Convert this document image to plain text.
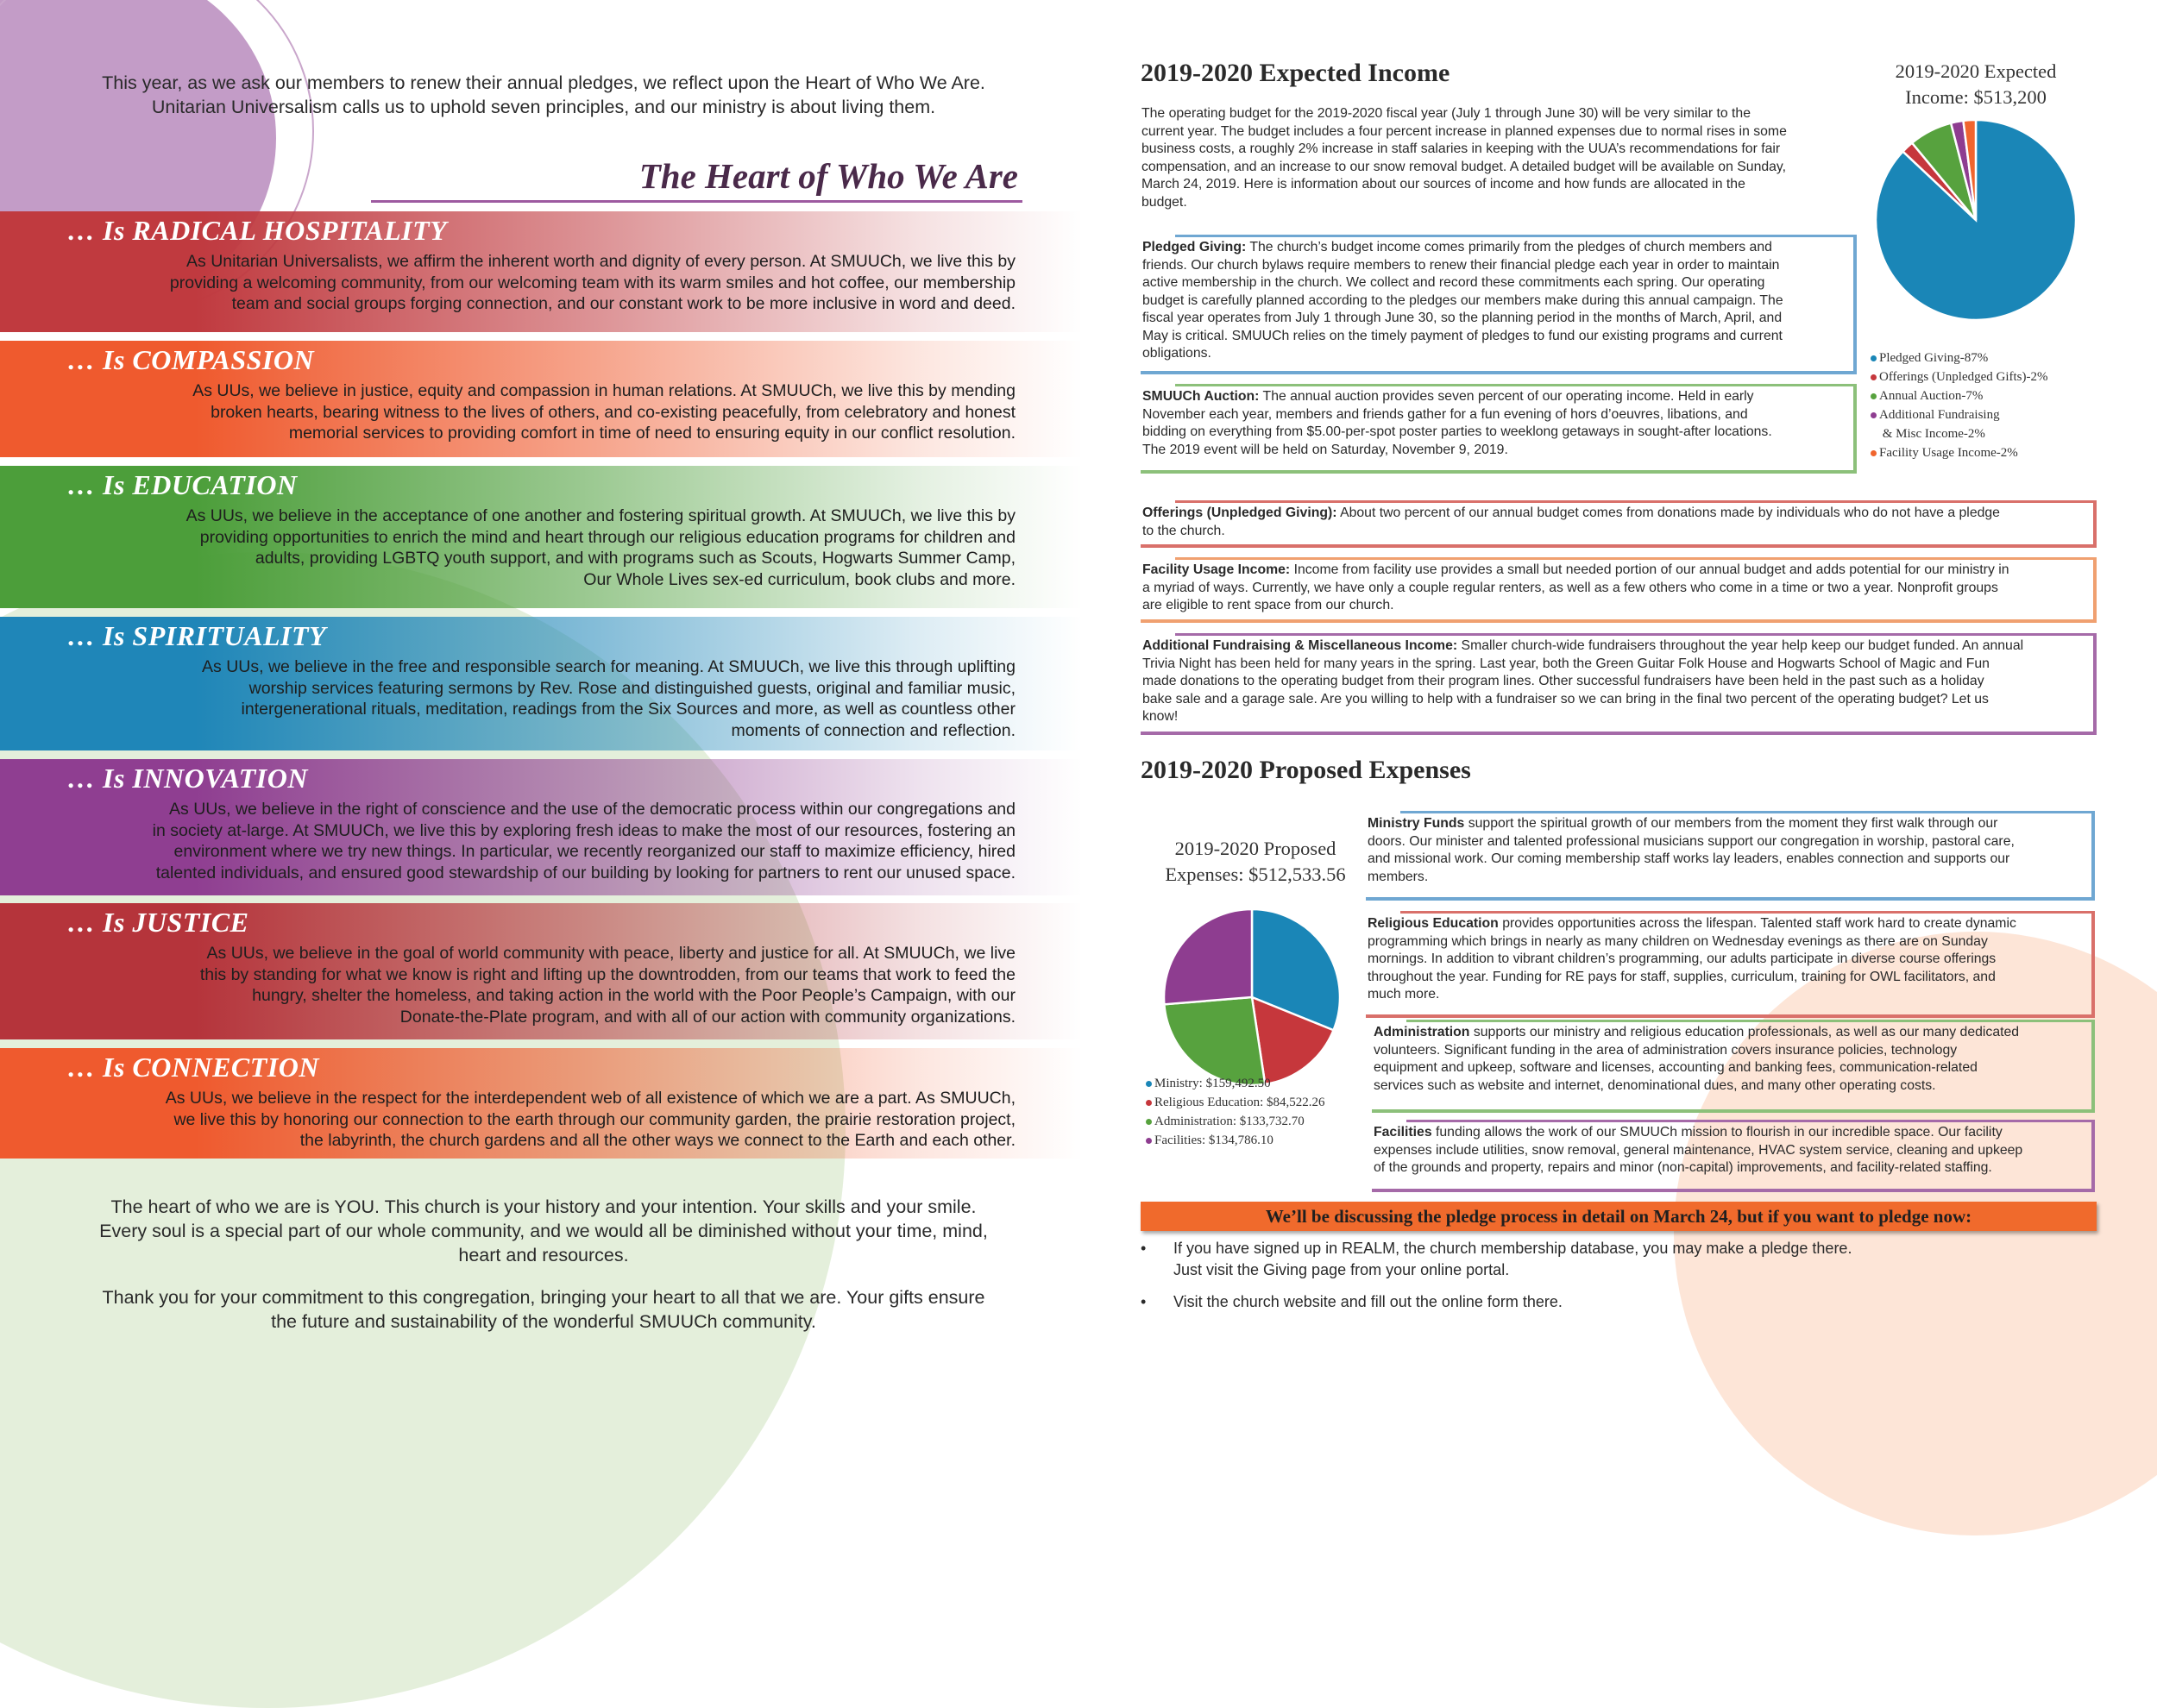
This year, as we ask our members to renew their annual pledges, we reflect upon the Heart of Who We Are.
Unitarian Universalism calls us to uphold seven principles, and our ministry is about living them.
The Heart of Who We Are
… Is RADICAL HOSPITALITY
As Unitarian Universalists, we affirm the inherent worth and dignity of every person. At SMUUCh, we live this by
providing a welcoming community, from our welcoming team with its warm smiles and hot coffee, our membership
team and social groups forging connection, and our constant work to be more inclusive in word and deed.
… Is COMPASSION
As UUs, we believe in justice, equity and compassion in human relations. At SMUUCh, we live this by mending
broken hearts, bearing witness to the lives of others, and co-existing peacefully, from celebratory and honest
memorial services to providing comfort in time of need to ensuring equity in our conflict resolution.
… Is EDUCATION
As UUs, we believe in the acceptance of one another and fostering spiritual growth. At SMUUCh, we live this by
providing opportunities to enrich the mind and heart through our religious education programs for children and
adults, providing LGBTQ youth support, and with programs such as Scouts, Hogwarts Summer Camp,
Our Whole Lives sex-ed curriculum, book clubs and more.
… Is SPIRITUALITY
As UUs, we believe in the free and responsible search for meaning. At SMUUCh, we live this through uplifting
worship services featuring sermons by Rev. Rose and distinguished guests, original and familiar music,
intergenerational rituals, meditation, readings from the Six Sources and more, as well as countless other
moments of connection and reflection.
… Is INNOVATION
As UUs, we believe in the right of conscience and the use of the democratic process within our congregations and
in society at-large. At SMUUCh, we live this by exploring fresh ideas to make the most of our resources, fostering an
environment where we try new things. In particular, we recently reorganized our staff to maximize efficiency, hired
talented individuals, and ensured good stewardship of our building by looking for partners to rent our unused space.
… Is JUSTICE
As UUs, we believe in the goal of world community with peace, liberty and justice for all. At SMUUCh, we live
this by standing for what we know is right and lifting up the downtrodden, from our teams that work to feed the
hungry, shelter the homeless, and taking action in the world with the Poor People’s Campaign, with our
Donate-the-Plate program, and with all of our action with community organizations.
… Is CONNECTION
As UUs, we believe in the respect for the interdependent web of all existence of which we are a part. As SMUUCh,
we live this by honoring our connection to the earth through our community garden, the prairie restoration project,
the labyrinth, the church gardens and all the other ways we connect to the Earth and each other.
The heart of who we are is YOU. This church is your history and your intention. Your skills and your smile.
Every soul is a special part of our whole community, and we would all be diminished without your time, mind,
heart and resources.
Thank you for your commitment to this congregation, bringing your heart to all that we are. Your gifts ensure
the future and sustainability of the wonderful SMUUCh community.
2019-2020 Expected Income
The operating budget for the 2019-2020 fiscal year (July 1 through June 30) will be very similar to the
current year. The budget includes a four percent increase in planned expenses due to normal rises in some
business costs, a roughly 2% increase in staff salaries in keeping with the UUA’s recommendations for fair
compensation, and an increase to our snow removal budget. A detailed budget will be available on Sunday,
March 24, 2019. Here is information about our sources of income and how funds are allocated in the
budget.
2019-2020 Expected
Income: $513,200
Pledged Giving-87%
Offerings (Unpledged Gifts)-2%
Annual Auction-7%
Additional Fundraising
& Misc Income-2%
Facility Usage Income-2%
Pledged Giving: The church’s budget income comes primarily from the pledges of church members and
friends. Our church bylaws require members to renew their financial pledge each year in order to maintain
active membership in the church. We collect and record these commitments each spring. Our operating
budget is carefully planned according to the pledges our members make during this annual campaign. The
fiscal year operates from July 1 through June 30, so the planning period in the months of March, April, and
May is critical. SMUUCh relies on the timely payment of pledges to fund our existing programs and current
obligations.
SMUUCh Auction: The annual auction provides seven percent of our operating income. Held in early
November each year, members and friends gather for a fun evening of hors d’oeuvres, libations, and
bidding on everything from $5.00-per-spot poster parties to weeklong getaways in sought-after locations.
The 2019 event will be held on Saturday, November 9, 2019.
Offerings (Unpledged Giving): About two percent of our annual budget comes from donations made by individuals who do not have a pledge
to the church.
Facility Usage Income: Income from facility use provides a small but needed portion of our annual budget and adds potential for our ministry in
a myriad of ways. Currently, we have only a couple regular renters, as well as a few others who come in a time or two a year. Nonprofit groups
are eligible to rent space from our church.
Additional Fundraising & Miscellaneous Income: Smaller church-wide fundraisers throughout the year help keep our budget funded. An annual
Trivia Night has been held for many years in the spring. Last year, both the Green Guitar Folk House and Hogwarts School of Magic and Fun
made donations to the operating budget from their program lines. Other successful fundraisers have been held in the past such as a holiday
bake sale and a garage sale. Are you willing to help with a fundraiser so we can bring in the final two percent of the operating budget? Let us
know!
2019-2020 Proposed Expenses
2019-2020 Proposed
Expenses: $512,533.56
Ministry: $159,492.50
Religious Education: $84,522.26
Administration: $133,732.70
Facilities: $134,786.10
Ministry Funds support the spiritual growth of our members from the moment they first walk through our
doors. Our minister and talented professional musicians support our congregation in worship, pastoral care,
and missional work. Our coming membership staff works lay leaders, enables connection and supports our
members.
Religious Education provides opportunities across the lifespan. Talented staff work hard to create dynamic
programming which brings in nearly as many children on Wednesday evenings as there are on Sunday
mornings. In addition to vibrant children’s programming, our adults participate in diverse course offerings
throughout the year. Funding for RE pays for staff, supplies, curriculum, training for OWL facilitators, and
much more.
Administration supports our ministry and religious education professionals, as well as our many dedicated
volunteers. Significant funding in the area of administration covers insurance policies, technology
equipment and upkeep, software and licenses, accounting and banking fees, communication-related
services such as website and internet, denominational dues, and many other operating costs.
Facilities funding allows the work of our SMUUCh mission to flourish in our incredible space. Our facility
expenses include utilities, snow removal, general maintenance, HVAC system service, cleaning and upkeep
of the grounds and property, repairs and minor (non-capital) improvements, and facility-related staffing.
We’ll be discussing the pledge process in detail on March 24, but if you want to pledge now:
•	If you have signed up in REALM, the church membership database, you may make a pledge there.
Just visit the Giving page from your online portal.
•	Visit the church website and fill out the online form there.
